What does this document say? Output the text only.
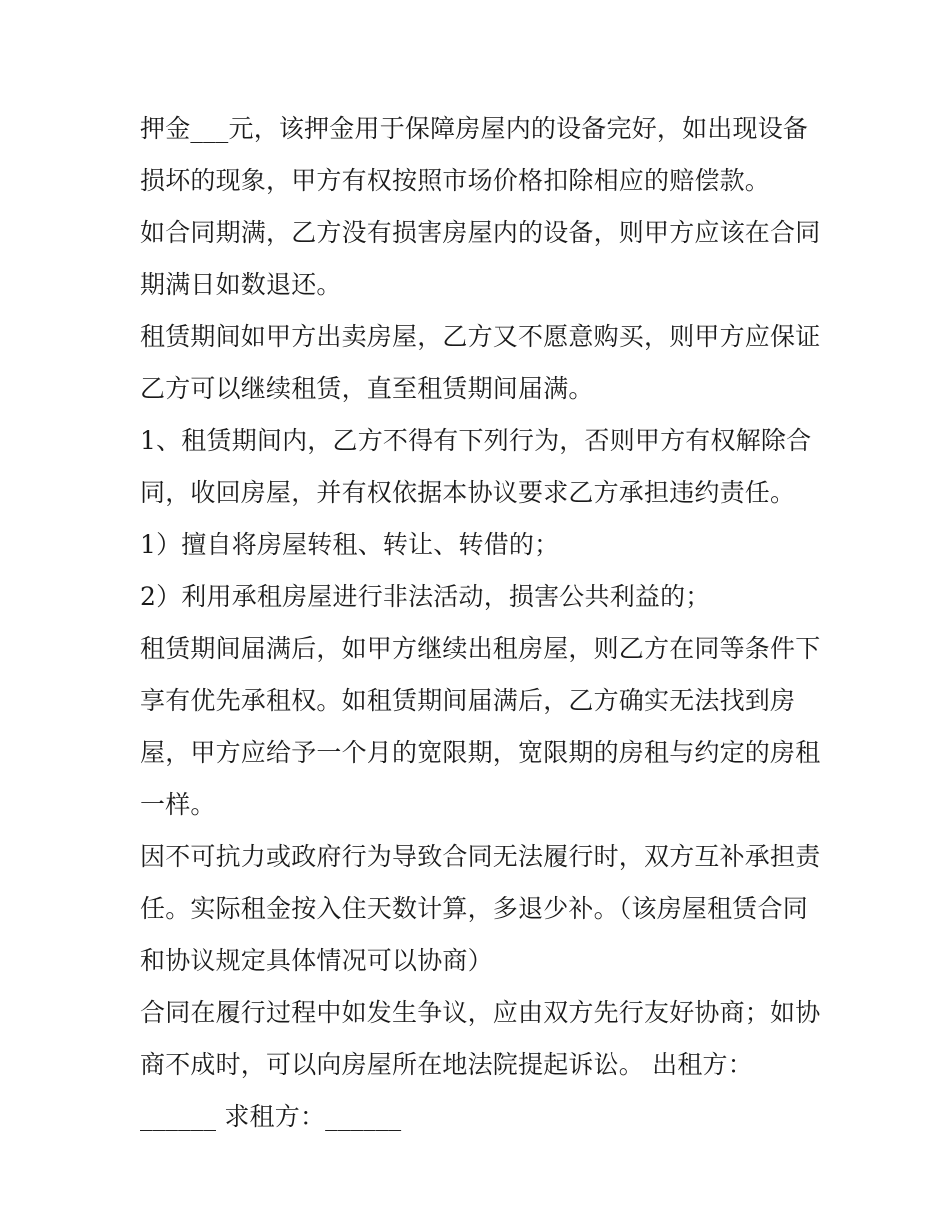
押金___元，该押金用于保障房屋内的设备完好，如出现设备
损坏的现象，甲方有权按照市场价格扣除相应的赔偿款。
如合同期满，乙方没有损害房屋内的设备，则甲方应该在合同
期满日如数退还。
租赁期间如甲方出卖房屋，乙方又不愿意购买，则甲方应保证
乙方可以继续租赁，直至租赁期间届满。
1、租赁期间内，乙方不得有下列行为，否则甲方有权解除合
同，收回房屋，并有权依据本协议要求乙方承担违约责任。
1）擅自将房屋转租、转让、转借的；
2）利用承租房屋进行非法活动，损害公共利益的；
租赁期间届满后，如甲方继续出租房屋，则乙方在同等条件下
享有优先承租权。如租赁期间届满后，乙方确实无法找到房
屋，甲方应给予一个月的宽限期，宽限期的房租与约定的房租
一样。
因不可抗力或政府行为导致合同无法履行时，双方互补承担责
任。实际租金按入住天数计算，多退少补。（该房屋租赁合同
和协议规定具体情况可以协商）
合同在履行过程中如发生争议，应由双方先行友好协商；如协
商不成时，可以向房屋所在地法院提起诉讼。 出租方：
______ 求租方：______
